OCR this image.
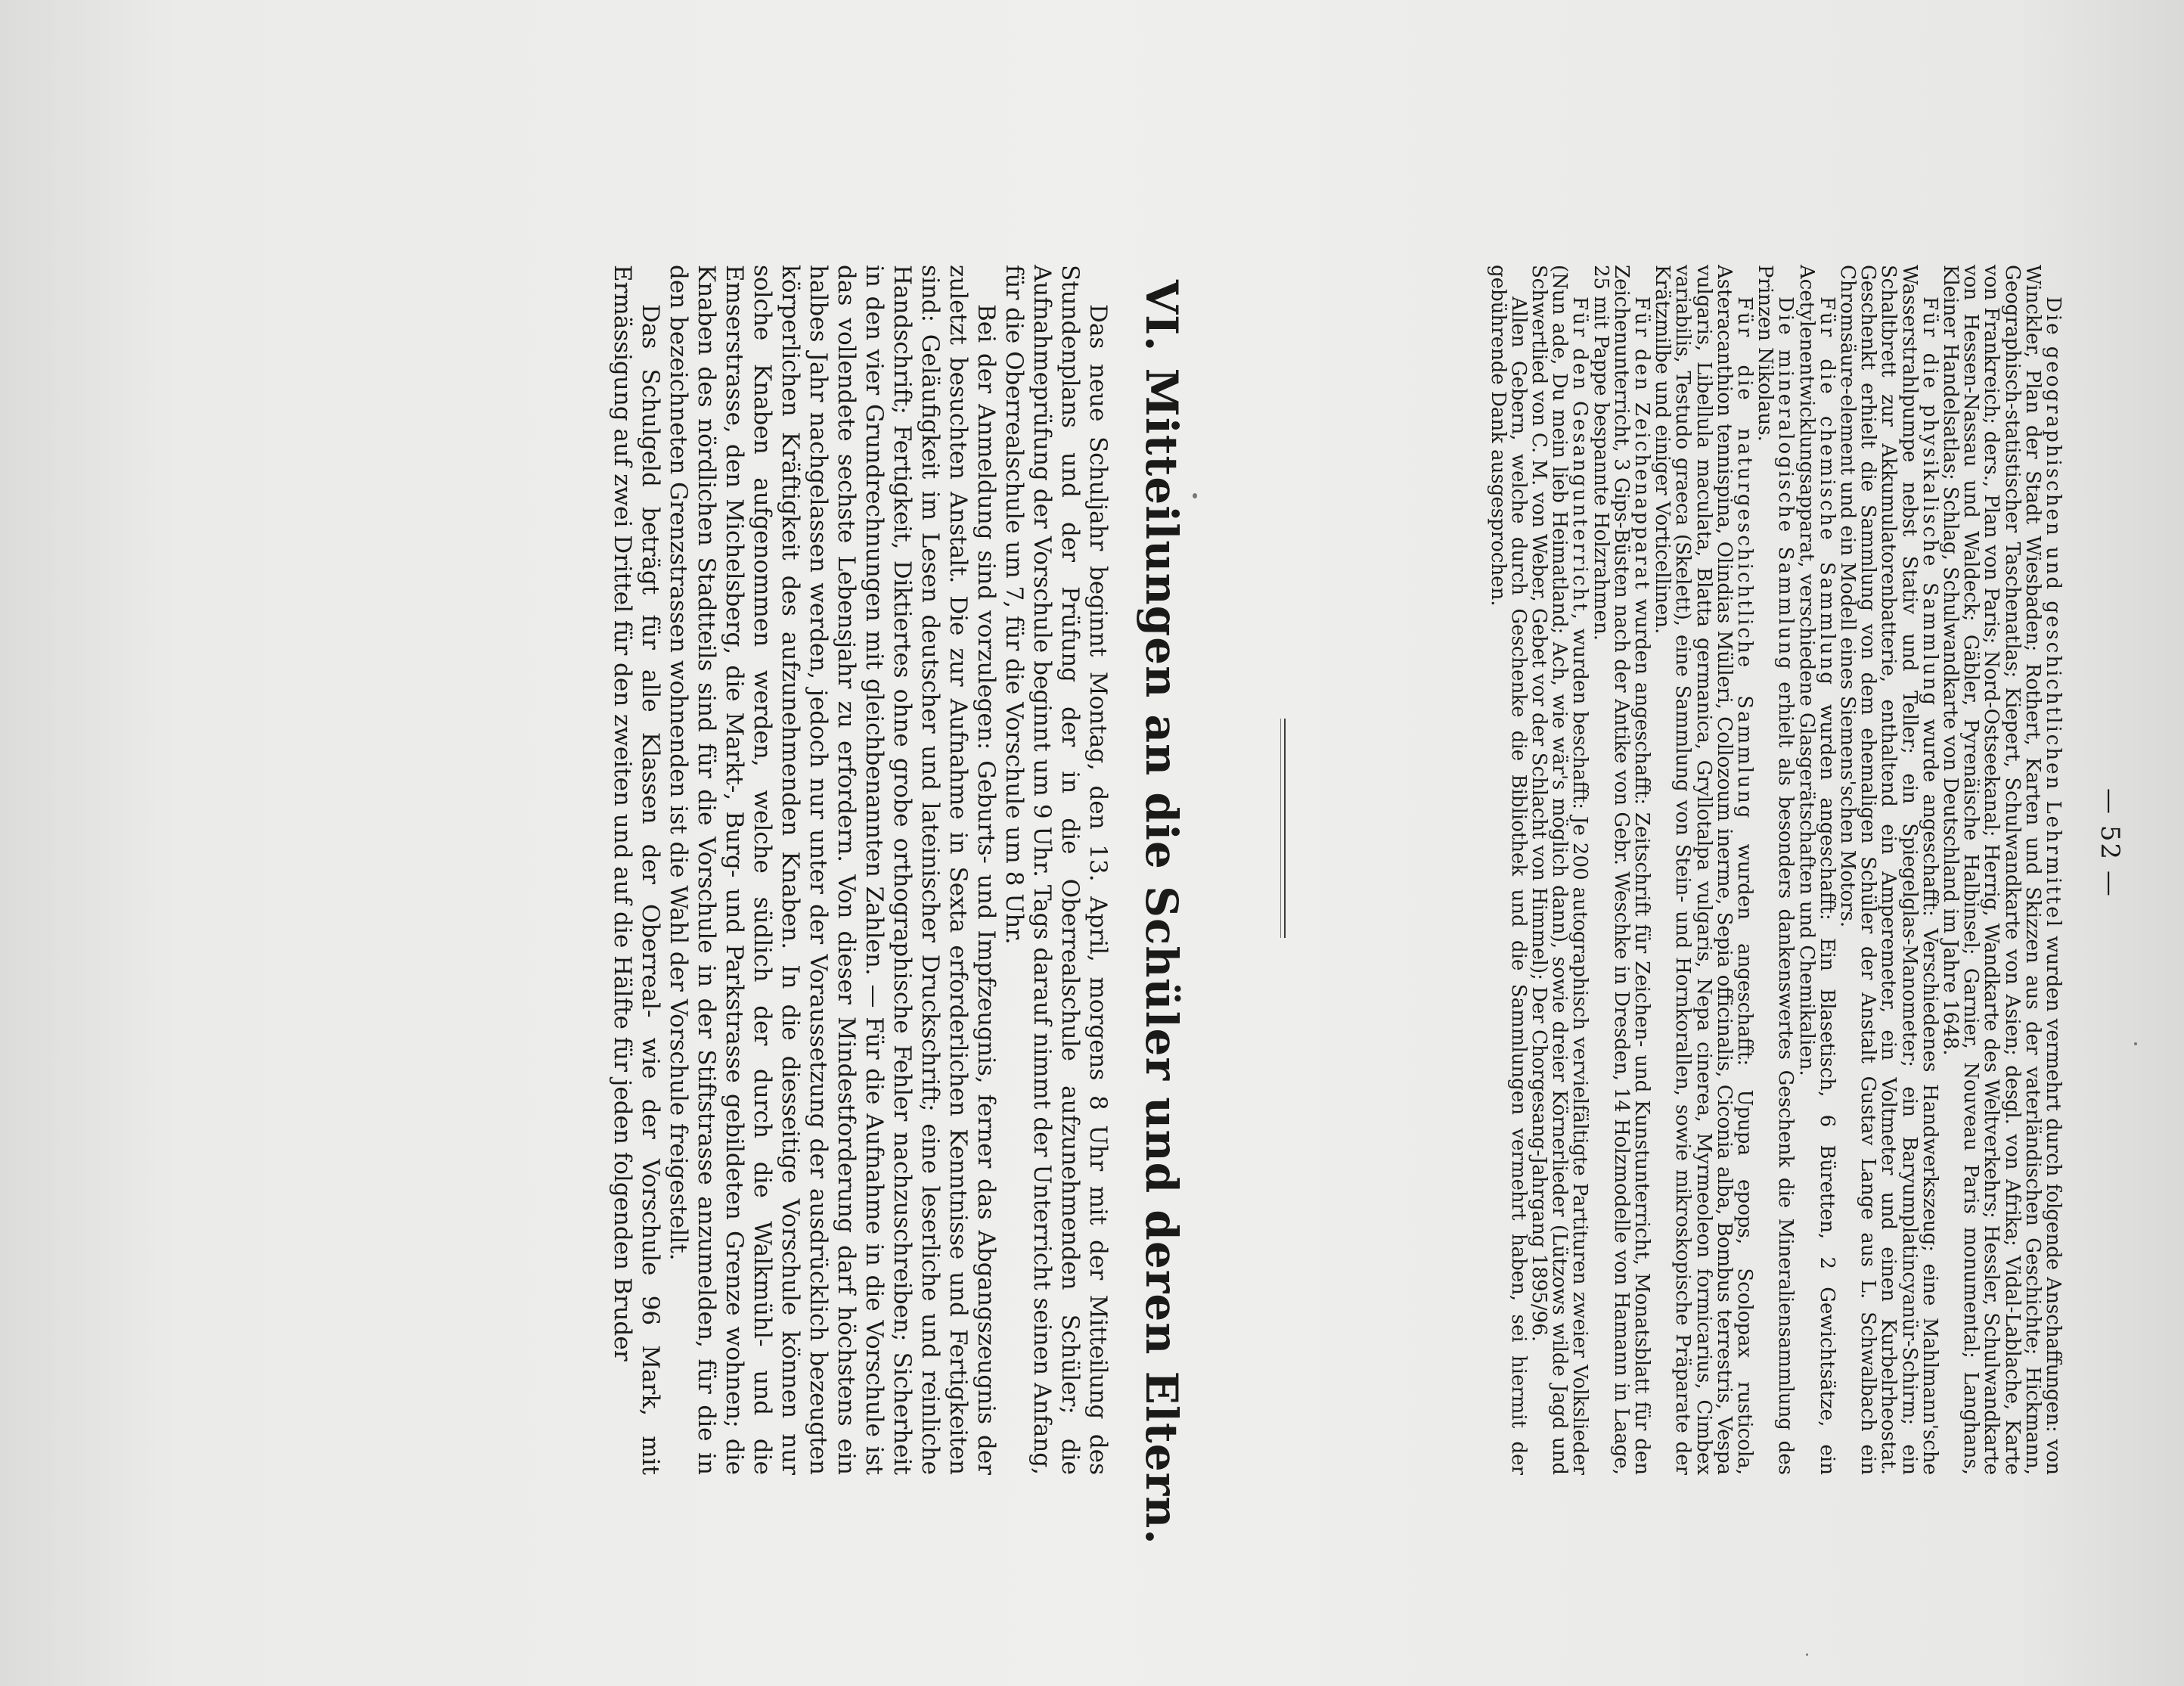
— 52 —

Die geographischen und geschichtlichen Lehrmittel wurden vermehrt durch folgende Anschaffungen: von Winckler, Plan der Stadt Wiesbaden; Rothert, Karten und Skizzen aus der vaterländischen Geschichte; Hickmann, Geographisch-statistischer Taschenatlas; Kiepert, Schulwandkarte von Asien; desgl. von Afrika; Vidal-Lablache, Karte von Frankreich; ders., Plan von Paris; Nord-Ostseekanal; Herrig, Wandkarte des Weltverkehrs; Hessler, Schulwandkarte von Hessen-Nassau und Waldeck; Gäbler, Pyrenäische Halbinsel; Garnier, Nouveau Paris monumental; Langhans, Kleiner Handelsatlas; Schlag, Schulwandkarte von Deutschland im Jahre 1648.

Für die physikalische Sammlung wurde angeschafft: Verschiedenes Handwerkszeug; eine Mahlmann'sche Wasserstrahlpumpe nebst Stativ und Teller; ein Spiegelglas-Manometer; ein Baryumplatincyanür-Schirm; ein Schaltbrett zur Akkumulatorenbatterie, enthaltend ein Amperemeter, ein Voltmeter und einen Kurbelrheostat. Geschenkt erhielt die Sammlung von dem ehemaligen Schüler der Anstalt Gustav Lange aus L. Schwalbach ein Chromsäure-element und ein Modell eines Siemens'schen Motors.

Für die chemische Sammlung wurden angeschafft: Ein Blasetisch, 6 Büretten, 2 Gewichtsätze, ein Acetylenentwicklungsapparat, verschiedene Glasgerätschaften und Chemikalien.

Die mineralogische Sammlung erhielt als besonders dankenswertes Geschenk die Mineraliensammlung des Prinzen Nikolaus.

Für die naturgeschichtliche Sammlung wurden angeschafft: Upupa epops, Scolopax rusticola, Asteracanthion tennispina, Olindias Mülleri, Collozoum inerme, Sepia officinalis, Ciconia alba, Bombus terrestris, Vespa vulgaris, Libellula maculata, Blatta germanica, Gryllotalpa vulgaris, Nepa cinerea, Myrmeoleon formicarius, Cimbex variabilis, Testudo graeca (Skelett), eine Sammlung von Stein- und Hornkorallen, sowie mikroskopische Präparate der Krätzmilbe und einiger Vorticellinen.

Für den Zeichenapparat wurden angeschafft: Zeitschrift für Zeichen- und Kunstunterricht, Monatsblatt für den Zeichenunterricht, 3 Gips-Büsten nach der Antike von Gebr. Weschke in Dresden, 14 Holzmodelle von Hamann in Laage, 25 mit Pappe bespannte Holzrahmen.

Für den Gesangunterricht, wurden beschafft: Je 200 autographisch vervielfältigte Partituren zweier Volkslieder (Nun ade, Du mein lieb Heimatland; Ach, wie wär's möglich dann), sowie dreier Körnerlieder (Lützows wilde Jagd und Schwertlied von C. M. von Weber, Gebet vor der Schlacht von Himmel); Der Chorgesang-Jahrgang 1895/96.

Allen Gebern, welche durch Geschenke die Bibliothek und die Sammlungen vermehrt haben, sei hiermit der gebührende Dank ausgesprochen.

VI. Mitteilungen an die Schüler und deren Eltern.

Das neue Schuljahr beginnt Montag, den 13. April, morgens 8 Uhr mit der Mitteilung des Stundenplans und der Prüfung der in die Oberrealschule aufzunehmenden Schüler; die Aufnahmeprüfung der Vorschule beginnt um 9 Uhr. Tags darauf nimmt der Unterricht seinen Anfang, für die Oberrealschule um 7, für die Vorschule um 8 Uhr.

Bei der Anmeldung sind vorzulegen: Geburts- und Impfzeugnis, ferner das Abgangszeugnis der zuletzt besuchten Anstalt. Die zur Aufnahme in Sexta erforderlichen Kenntnisse und Fertigkeiten sind: Geläufigkeit im Lesen deutscher und lateinischer Druckschrift; eine leserliche und reinliche Handschrift; Fertigkeit, Diktiertes ohne grobe orthographische Fehler nachzuschreiben; Sicherheit in den vier Grundrechnungen mit gleichbenannten Zahlen. — Für die Aufnahme in die Vorschule ist das vollendete sechste Lebensjahr zu erfordern. Von dieser Mindestforderung darf höchstens ein halbes Jahr nachgelassen werden, jedoch nur unter der Voraussetzung der ausdrücklich bezeugten körperlichen Kräftigkeit des aufzunehmenden Knaben. In die diesseitige Vorschule können nur solche Knaben aufgenommen werden, welche südlich der durch die Walkmühl- und die Emserstrasse, den Michelsberg, die Markt-, Burg- und Parkstrasse gebildeten Grenze wohnen; die Knaben des nördlichen Stadtteils sind für die Vorschule in der Stiftstrasse anzumelden, für die in den bezeichneten Grenzstrassen wohnenden ist die Wahl der Vorschule freigestellt.

Das Schulgeld beträgt für alle Klassen der Oberreal- wie der Vorschule 96 Mark, mit Ermässigung auf zwei Drittel für den zweiten und auf die Hälfte für jeden folgenden Bruder
